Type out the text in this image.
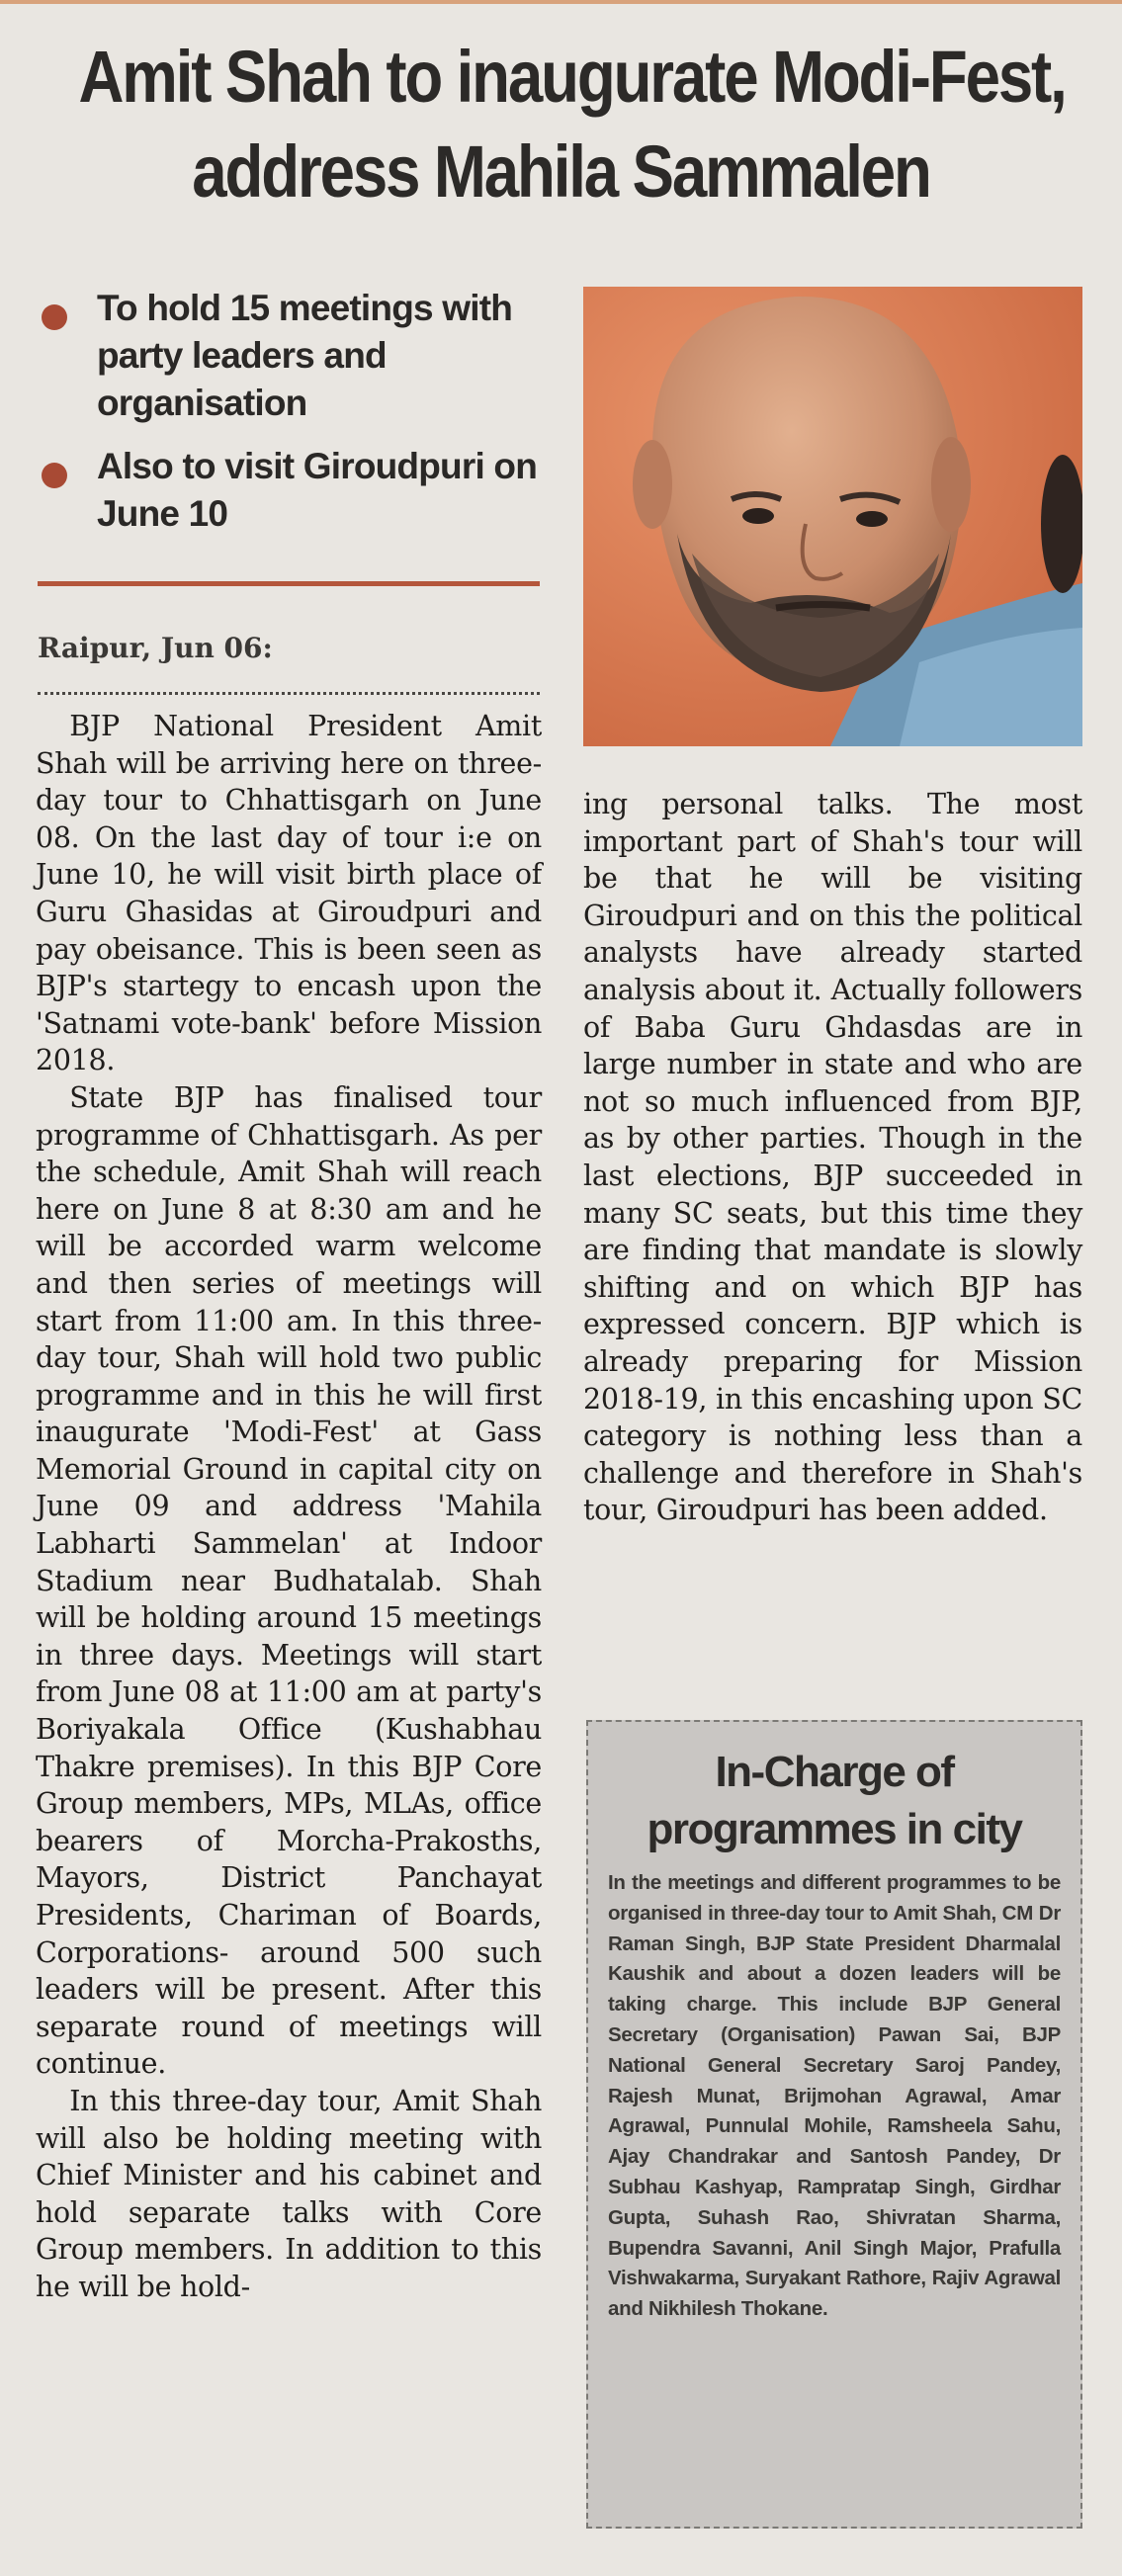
Amit Shah to inaugurate Modi-Fest,
address Mahila Sammalen
To hold 15 meetings with party leaders and organisation
Also to visit Giroudpuri on June 10
Raipur, Jun 06:

BJP National President Amit Shah will be arriving here on three-day tour to Chhattisgarh on June 08. On the last day of tour i:e on June 10, he will visit birth place of Guru Ghasidas at Giroudpuri and pay obeisance. This is been seen as BJP's startegy to encash upon the 'Satnami vote-bank' before Mission 2018.

State BJP has finalised tour programme of Chhattisgarh. As per the schedule, Amit Shah will reach here on June 8 at 8:30 am and he will be accorded warm welcome and then series of meetings will start from 11:00 am. In this three-day tour, Shah will hold two public programme and in this he will first inaugurate 'Modi-Fest' at Gass Memorial Ground in capital city on June 09 and address 'Mahila Labharti Sammelan' at Indoor Stadium near Budhatalab. Shah will be holding around 15 meetings in three days. Meetings will start from June 08 at 11:00 am at party's Boriyakala Office (Kushabhau Thakre premises). In this BJP Core Group members, MPs, MLAs, office bearers of Morcha-Prakosths, Mayors, District Panchayat Presidents, Chariman of Boards, Corporations- around 500 such leaders will be present. After this separate round of meetings will continue.

In this three-day tour, Amit Shah will also be holding meeting with Chief Minister and his cabinet and hold separate talks with Core Group members. In addition to this he will be hold-

ing personal talks. The most important part of Shah's tour will be that he will be visiting Giroudpuri and on this the political analysts have already started analysis about it. Actually followers of Baba Guru Ghdasdas are in large number in state and who are not so much influenced from BJP, as by other parties. Though in the last elections, BJP succeeded in many SC seats, but this time they are finding that mandate is slowly shifting and on which BJP has expressed concern. BJP which is already preparing for Mission 2018-19, in this encashing upon SC category is nothing less than a challenge and therefore in Shah's tour, Giroudpuri has been added.

In-Charge of
programmes in city
In the meetings and different programmes to be organised in three-day tour to Amit Shah, CM Dr Raman Singh, BJP State President Dharmalal Kaushik and about a dozen leaders will be taking charge. This include BJP General Secretary (Organisation) Pawan Sai, BJP National General Secretary Saroj Pandey, Rajesh Munat, Brijmohan Agrawal, Amar Agrawal, Punnulal Mohile, Ramsheela Sahu, Ajay Chandrakar and Santosh Pandey, Dr Subhau Kashyap, Rampratap Singh, Girdhar Gupta, Suhash Rao, Shivratan Sharma, Bupendra Savanni, Anil Singh Major, Prafulla Vishwakarma, Suryakant Rathore, Rajiv Agrawal and Nikhilesh Thokane.
